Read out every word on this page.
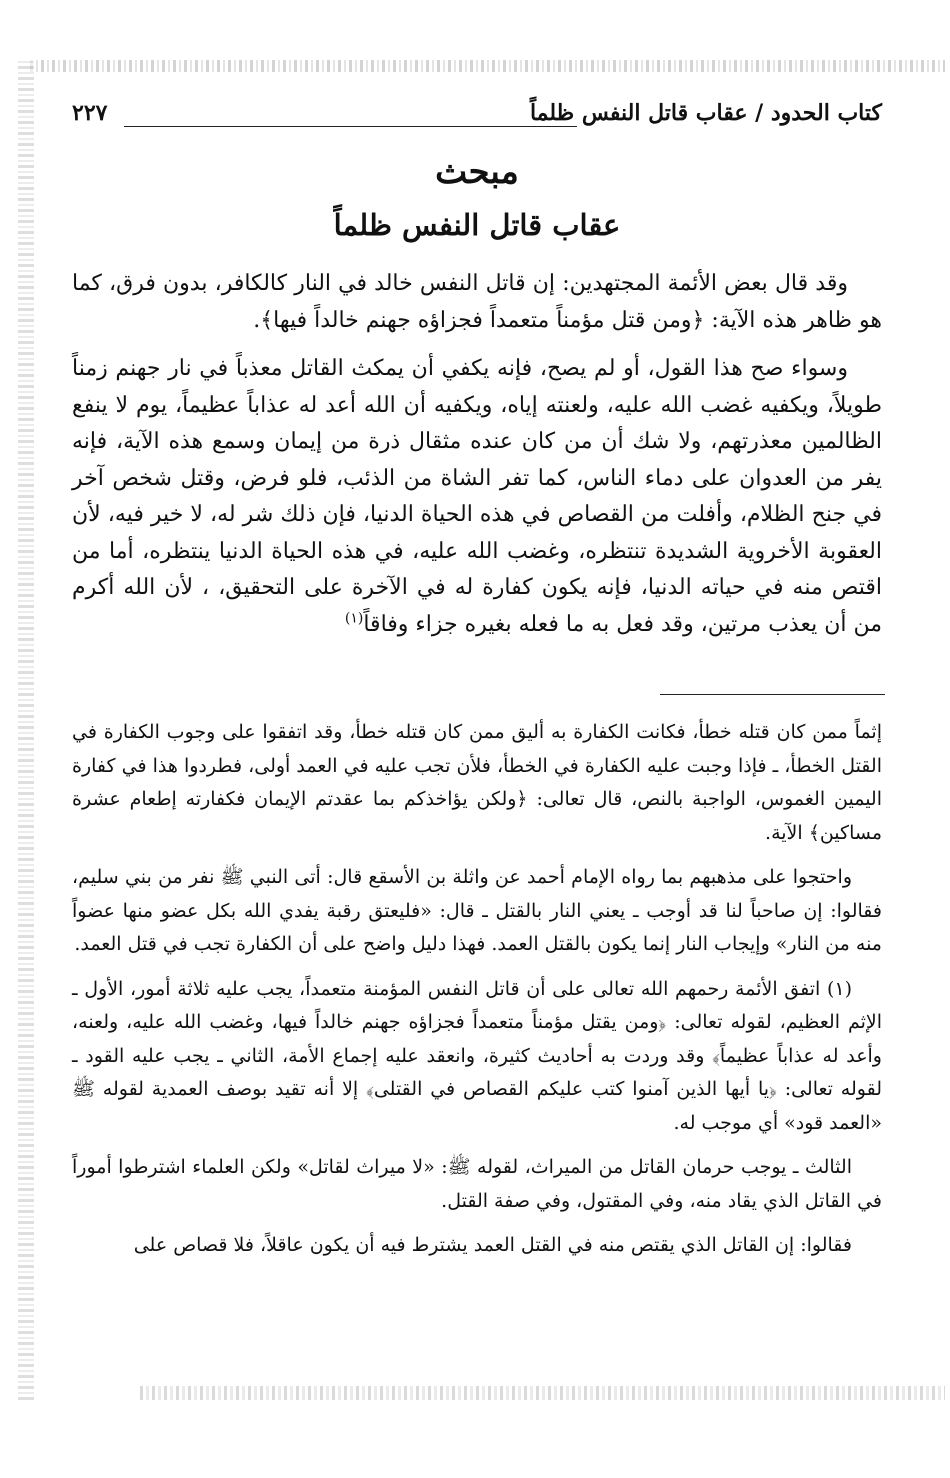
كتاب الحدود / عقاب قاتل النفس ظلماً
٢٢٧
مبحث
عقاب قاتل النفس ظلماً

وقد قال بعض الأئمة المجتهدين: إن قاتل النفس خالد في النار كالكافر، بدون فرق، كما هو ظاهر هذه الآية: ﴿ومن قتل مؤمناً متعمداً فجزاؤه جهنم خالداً فيها﴾.

وسواء صح هذا القول، أو لم يصح، فإنه يكفي أن يمكث القاتل معذباً في نار جهنم زمناً طويلاً، ويكفيه غضب الله عليه، ولعنته إياه، ويكفيه أن الله أعد له عذاباً عظيماً، يوم لا ينفع الظالمين معذرتهم، ولا شك أن من كان عنده مثقال ذرة من إيمان وسمع هذه الآية، فإنه يفر من العدوان على دماء الناس، كما تفر الشاة من الذئب، فلو فرض، وقتل شخص آخر في جنح الظلام، وأفلت من القصاص في هذه الحياة الدنيا، فإن ذلك شر له، لا خير فيه، لأن العقوبة الأخروية الشديدة تنتظره، وغضب الله عليه، في هذه الحياة الدنيا ينتظره، أما من اقتص منه في حياته الدنيا، فإنه يكون كفارة له في الآخرة على التحقيق، ، لأن الله أكرم من أن يعذب مرتين، وقد فعل به ما فعله بغيره جزاء وفاقاً$^{(١)}$

إثماً ممن كان قتله خطأ، فكانت الكفارة به أليق ممن كان قتله خطأ، وقد اتفقوا على وجوب الكفارة في القتل الخطأ، ـ فإذا وجبت عليه الكفارة في الخطأ، فلأن تجب عليه في العمد أولى، فطردوا هذا في كفارة اليمين الغموس، الواجبة بالنص، قال تعالى: ﴿ولكن يؤاخذكم بما عقدتم الإيمان فكفارته إطعام عشرة مساكين﴾ الآية.

واحتجوا على مذهبهم بما رواه الإمام أحمد عن واثلة بن الأسقع قال: أتى النبي ﷺ نفر من بني سليم، فقالوا: إن صاحباً لنا قد أوجب ـ يعني النار بالقتل ـ قال: «فليعتق رقبة يفدي الله بكل عضو منها عضواً منه من النار» وإيجاب النار إنما يكون بالقتل العمد. فهذا دليل واضح على أن الكفارة تجب في قتل العمد.

(١) اتفق الأئمة رحمهم الله تعالى على أن قاتل النفس المؤمنة متعمداً، يجب عليه ثلاثة أمور، الأول ـ الإثم العظيم، لقوله تعالى: ﴿ومن يقتل مؤمناً متعمداً فجزاؤه جهنم خالداً فيها، وغضب الله عليه، ولعنه، وأعد له عذاباً عظيماً﴾ وقد وردت به أحاديث كثيرة، وانعقد عليه إجماع الأمة، الثاني ـ يجب عليه القود ـ لقوله تعالى: ﴿يا أيها الذين آمنوا كتب عليكم القصاص في القتلى﴾ إلا أنه تقيد بوصف العمدية لقوله ﷺ «العمد قود» أي موجب له.

الثالث ـ يوجب حرمان القاتل من الميراث، لقوله ﷺ: «لا ميراث لقاتل» ولكن العلماء اشترطوا أموراً في القاتل الذي يقاد منه، وفي المقتول، وفي صفة القتل.

فقالوا: إن القاتل الذي يقتص منه في القتل العمد يشترط فيه أن يكون عاقلاً، فلا قصاص على
